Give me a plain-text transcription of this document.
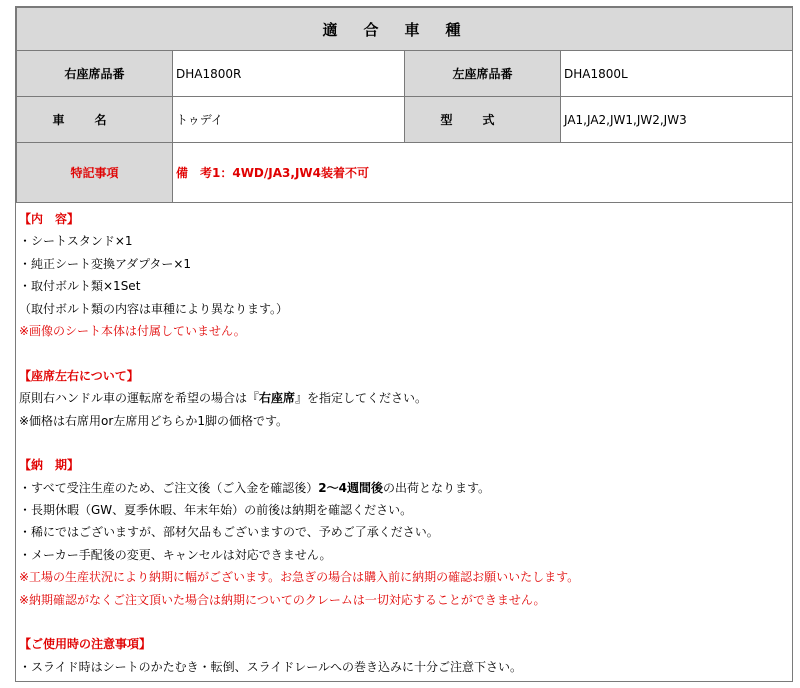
適合車種			
右座席品番	DHA1800R	左座席品番	DHA1800L
車名	トゥデイ	型式	JA1,JA2,JW1,JW2,JW3
特記事項	備　考1：4WD/JA3,JW4装着不可		
【内　容】
・シートスタンド×1
・純正シート変換アダプター×1
・取付ボルト類×1Set
（取付ボルト類の内容は車種により異なります。）
※画像のシート本体は付属していません。
【座席左右について】
原則右ハンドル車の運転席を希望の場合は『右座席』を指定してください。
※価格は右席用or左席用どちらか1脚の価格です。
【納　期】
・すべて受注生産のため、ご注文後（ご入金を確認後）2～4週間後の出荷となります。
・長期休暇（GW、夏季休暇、年末年始）の前後は納期を確認ください。
・稀にではございますが、部材欠品もございますので、予めご了承ください。
・メーカー手配後の変更、キャンセルは対応できません。
※工場の生産状況により納期に幅がございます。お急ぎの場合は購入前に納期の確認お願いいたします。
※納期確認がなくご注文頂いた場合は納期についてのクレームは一切対応することができません。
【ご使用時の注意事項】
・スライド時はシートのかたむき・転倒、スライドレールへの巻き込みに十分ご注意下さい。
